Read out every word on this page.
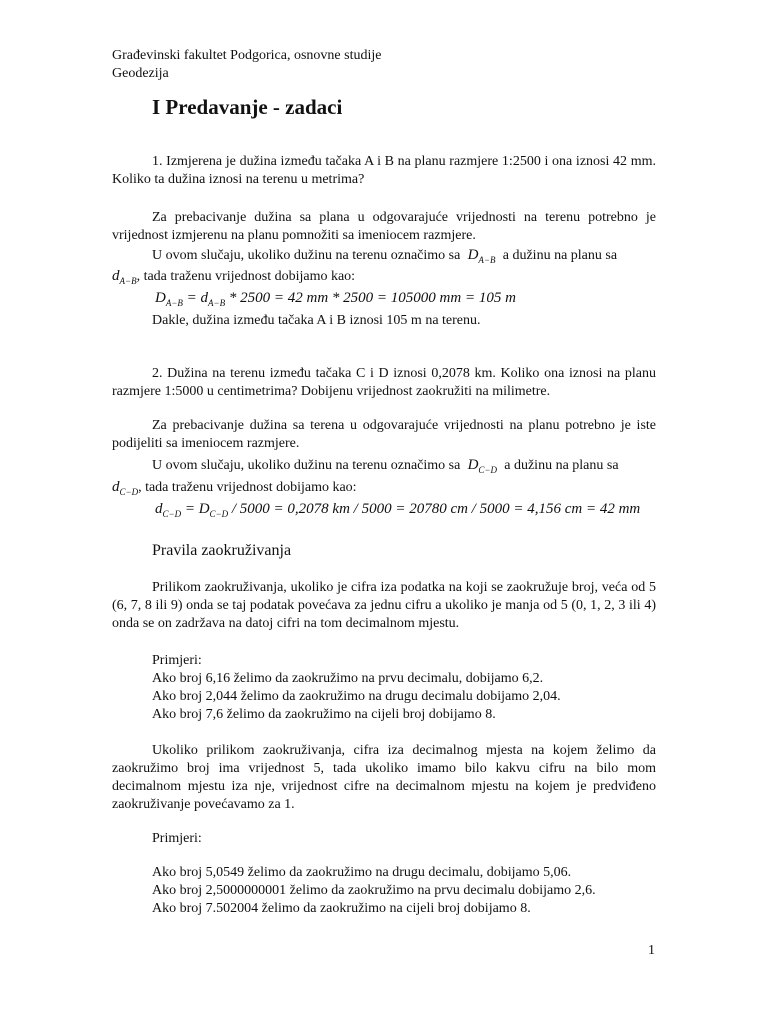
Građevinski fakultet Podgorica, osnovne studije
Geodezija
I Predavanje - zadaci
1. Izmjerena je dužina između tačaka A i B na planu razmjere 1:2500 i ona iznosi 42 mm. Koliko ta dužina iznosi na terenu u metrima?
Za prebacivanje dužina sa plana u odgovarajuće vrijednosti na terenu potrebno je vrijednost izmjerenu na planu pomnožiti sa imeniocem razmjere.
U ovom slučaju, ukoliko dužinu na terenu označimo sa $D_{A-B}$ a dužinu na planu sa
$d_{A-B}$, tada traženu vrijednost dobijamo kao:
$D_{A-B} = d_{A-B} * 2500 = 42$ mm * 2500 = 105000 mm = 105 m
Dakle, dužina između tačaka A i B iznosi 105 m na terenu.
2. Dužina na terenu između tačaka C i D iznosi 0,2078 km. Koliko ona iznosi na planu razmjere 1:5000 u centimetrima? Dobijenu vrijednost zaokružiti na milimetre.
Za prebacivanje dužina sa terena u odgovarajuće vrijednosti na planu potrebno je iste podijeliti sa imeniocem razmjere.
U ovom slučaju, ukoliko dužinu na terenu označimo sa $D_{C-D}$ a dužinu na planu sa
$d_{C-D}$, tada traženu vrijednost dobijamo kao:
$d_{C-D} = D_{C-D} / 5000 = 0,2078$ km / 5000 = 20780 cm / 5000 = 4,156 cm = 42 mm
Pravila zaokruživanja
Prilikom zaokruživanja, ukoliko je cifra iza podatka na koji se zaokružuje broj, veća od 5 (6, 7, 8 ili 9) onda se taj podatak povećava za jednu cifru a ukoliko je manja od 5 (0, 1, 2, 3 ili 4) onda se on zadržava na datoj cifri na tom decimalnom mjestu.
Primjeri:
Ako broj 6,16 želimo da zaokružimo na prvu decimalu, dobijamo 6,2.
Ako broj 2,044 želimo da zaokružimo na drugu decimalu dobijamo 2,04.
Ako broj 7,6 želimo da zaokružimo na cijeli broj dobijamo 8.
Ukoliko prilikom zaokruživanja, cifra iza decimalnog mjesta na kojem želimo da zaokružimo broj ima vrijednost 5, tada ukoliko imamo bilo kakvu cifru na bilo mom decimalnom mjestu iza nje, vrijednost cifre na decimalnom mjestu na kojem je predviđeno zaokruživanje povećavamo za 1.
Primjeri:
Ako broj 5,0549 želimo da zaokružimo na drugu decimalu, dobijamo 5,06.
Ako broj 2,5000000001 želimo da zaokružimo na prvu decimalu dobijamo 2,6.
Ako broj 7.502004 želimo da zaokružimo na cijeli broj dobijamo 8.
1
